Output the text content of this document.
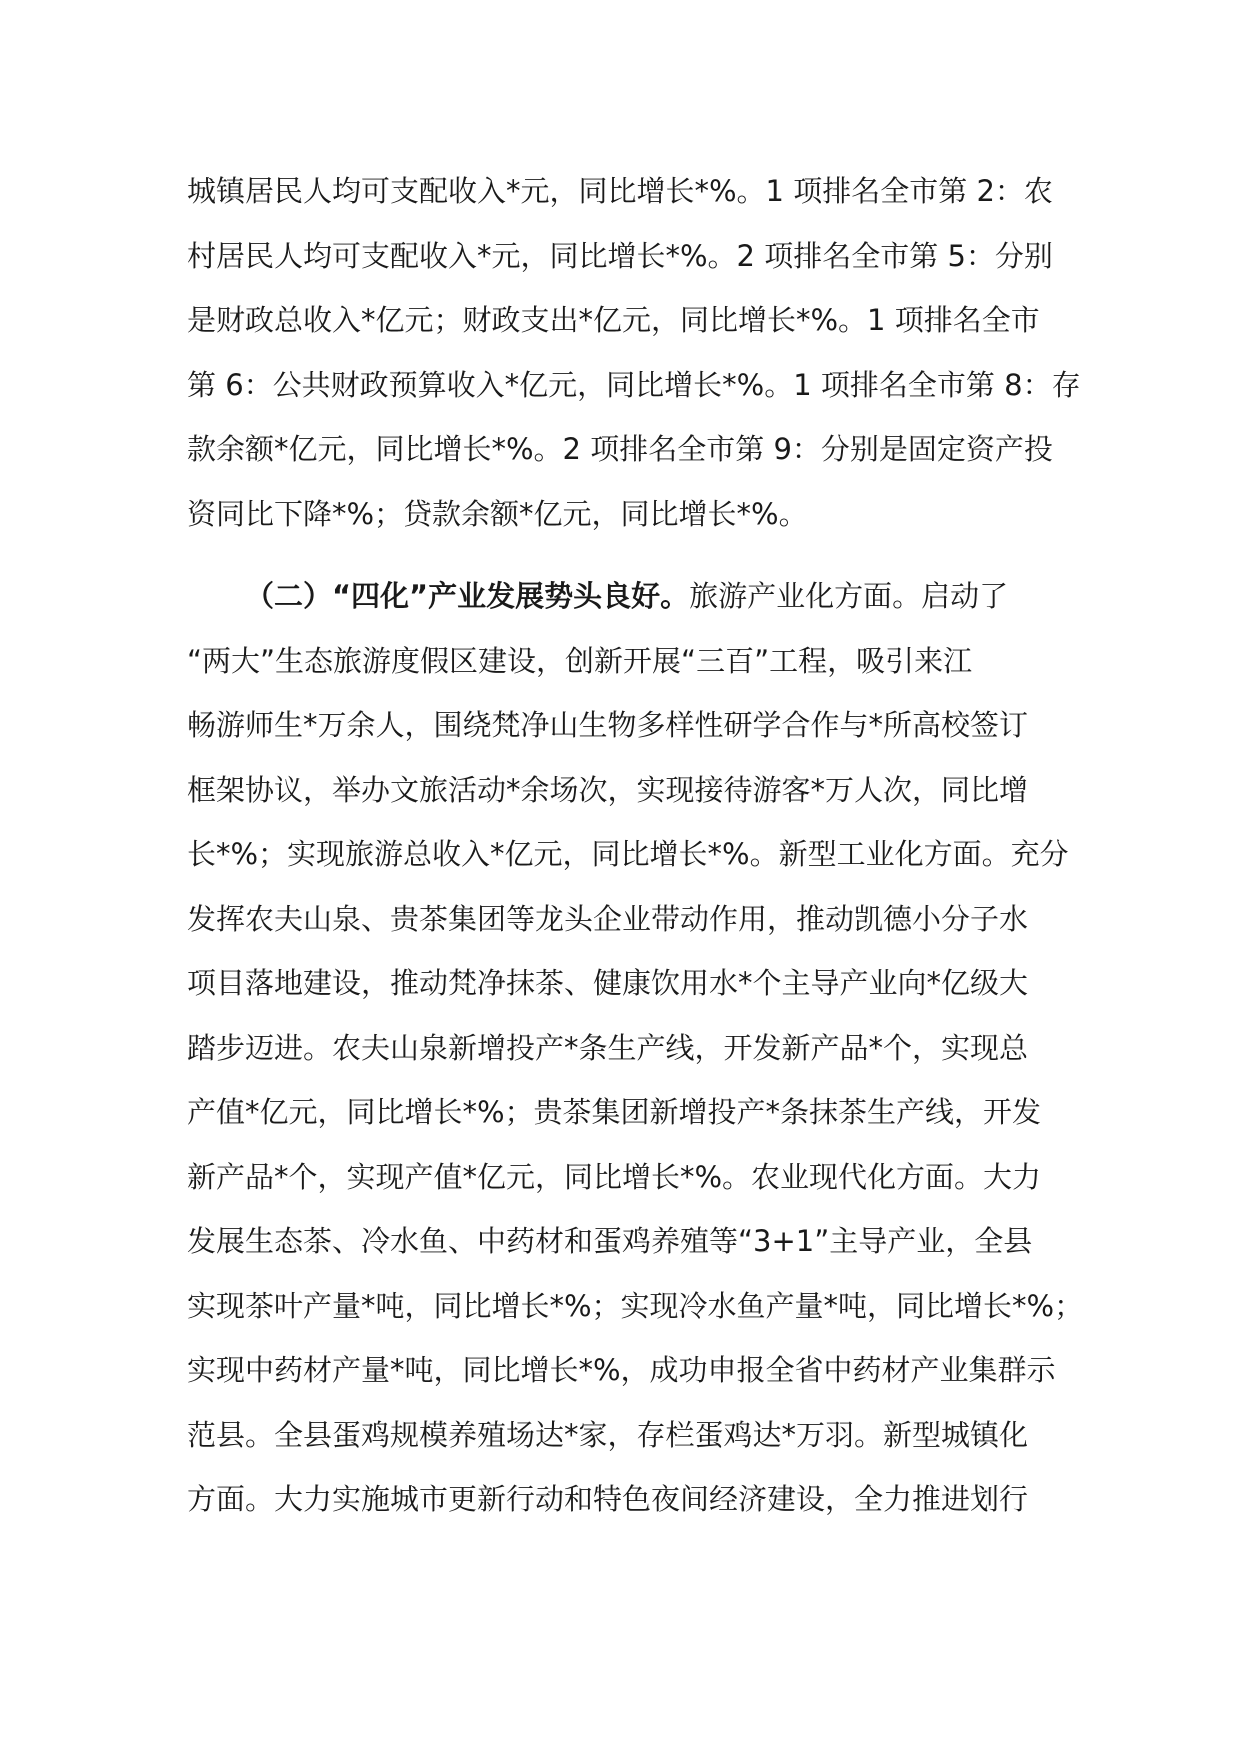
城镇居民人均可支配收入*元，同比增长*%。1 项排名全市第 2：农
村居民人均可支配收入*元，同比增长*%。2 项排名全市第 5：分别
是财政总收入*亿元；财政支出*亿元，同比增长*%。1 项排名全市
第 6：公共财政预算收入*亿元，同比增长*%。1 项排名全市第 8：存
款余额*亿元，同比增长*%。2 项排名全市第 9：分别是固定资产投
资同比下降*%；贷款余额*亿元，同比增长*%。
（二）“四化”产业发展势头良好。旅游产业化方面。启动了
“两大”生态旅游度假区建设，创新开展“三百”工程，吸引来江
畅游师生*万余人，围绕梵净山生物多样性研学合作与*所高校签订
框架协议，举办文旅活动*余场次，实现接待游客*万人次，同比增
长*%；实现旅游总收入*亿元，同比增长*%。新型工业化方面。充分
发挥农夫山泉、贵茶集团等龙头企业带动作用，推动凯德小分子水
项目落地建设，推动梵净抹茶、健康饮用水*个主导产业向*亿级大
踏步迈进。农夫山泉新增投产*条生产线，开发新产品*个，实现总
产值*亿元，同比增长*%；贵茶集团新增投产*条抹茶生产线，开发
新产品*个，实现产值*亿元，同比增长*%。农业现代化方面。大力
发展生态茶、冷水鱼、中药材和蛋鸡养殖等“3+1”主导产业，全县
实现茶叶产量*吨，同比增长*%；实现冷水鱼产量*吨，同比增长*%；
实现中药材产量*吨，同比增长*%，成功申报全省中药材产业集群示
范县。全县蛋鸡规模养殖场达*家，存栏蛋鸡达*万羽。新型城镇化
方面。大力实施城市更新行动和特色夜间经济建设，全力推进划行
